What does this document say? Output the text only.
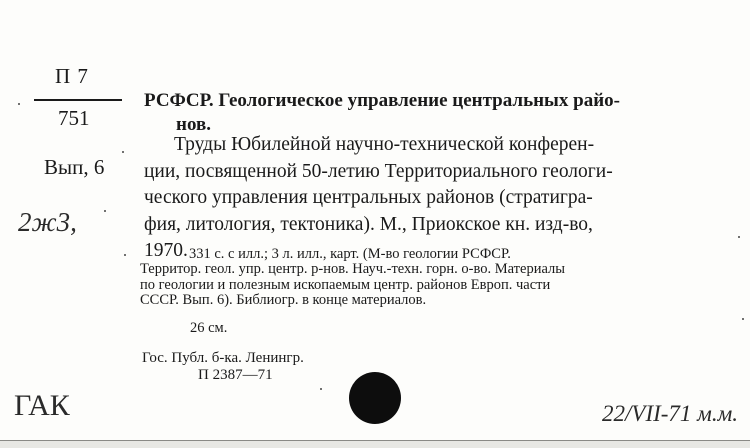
П 7
751
Вып, 6
2ж3,
РСФСР. Геологическое управление центральных райо-
нов.
Труды Юбилейной научно-технической конферен-
ции, посвященной 50-летию Территориального геологи-
ческого управления центральных районов (стратигра-
фия, литология, тектоника). М., Приокское кн. изд-во,
1970. 331 с. с илл.; 3 л. илл., карт. (М-во геологии РСФСР.
Территор. геол. упр. центр. р-нов. Науч.-техн. горн. о-во. Материалы
по геологии и полезным ископаемым центр. районов Европ. части
СССР. Вып. 6). Библиогр. в конце материалов.
26 см.
Гос. Публ. б-ка. Ленингр.
П 2387—71
ГАК	22/VII-71 м.м.
